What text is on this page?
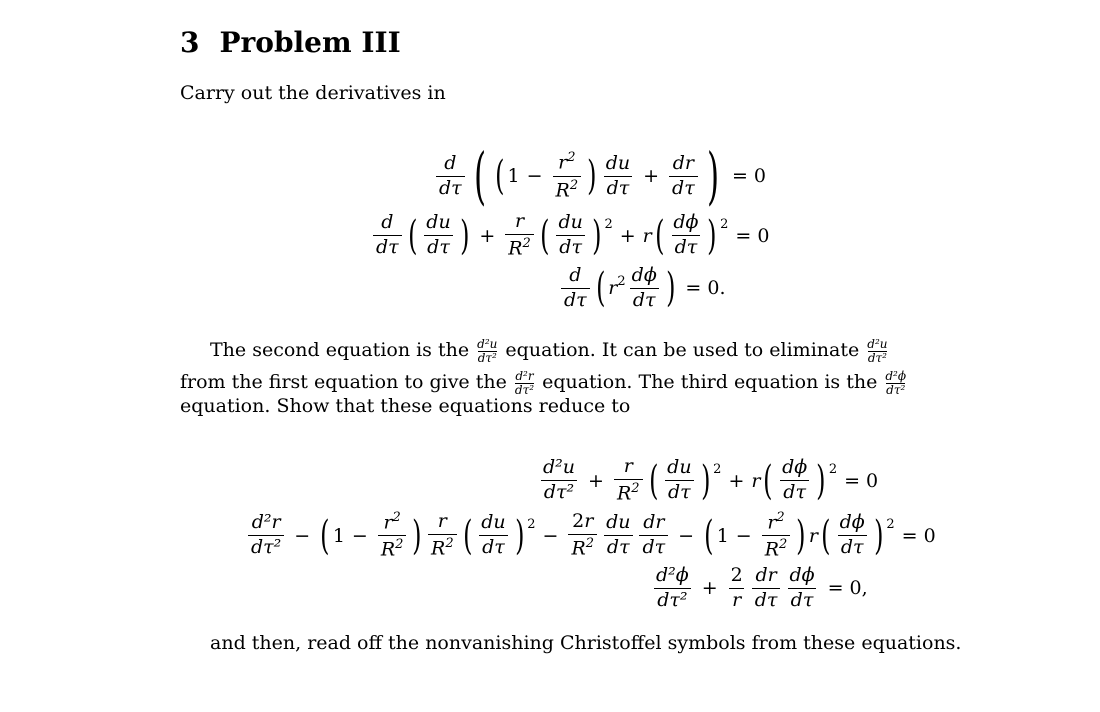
3 Problem III
Carry out the derivatives in
$\frac{d}{d\tau}$ ( ( $1 - \frac{r^2}{R^2}$ ) $\frac{du}{d\tau} + \frac{dr}{d\tau}$ ) = 0
$\frac{d}{d\tau}$ ( $\frac{du}{d\tau}$ ) + $\frac{r}{R^2}$ ( $\frac{du}{d\tau}$ ) 2 + r ( $\frac{d\phi}{d\tau}$ ) 2 = 0
$\frac{d}{d\tau}$ ( r $2 \frac{d\phi}{d\tau}$ ) = 0.
The second equation is the $\frac{\text{d²u}}{\text{dτ²}}$ equation. It can be used to eliminate $\frac{\text{d²u}}{\text{dτ²}}$
from the first equation to give the $\frac{\text{d²r}}{\text{dτ²}}$ equation. The third equation is the $\frac{\text{d²ϕ}}{\text{dτ²}}$
equation. Show that these equations reduce to
$\frac{\text{d²u}}{\text{dτ²}} + \frac{r}{R^2}$ ( $\frac{du}{d\tau}$ ) 2 + r ( $\frac{d\phi}{d\tau}$ ) 2 = 0
$\frac{\text{d²r}}{\text{dτ²}}$ − ( $1 - \frac{r^2}{R^2}$ ) $\frac{r}{R^2}$ ( $\frac{du}{d\tau}$ ) $2 - \frac{2r}{R^2} \frac{du}{d\tau} \frac{dr}{d\tau}$ − ( $1 - \frac{r^2}{R^2}$ ) r ( $\frac{d\phi}{d\tau}$ ) 2 = 0
$\frac{\text{d²ϕ}}{\text{dτ²}} + \frac{2}{r} \frac{dr}{d\tau} \frac{d\phi}{d\tau} = 0$,
and then, read off the nonvanishing Christoffel symbols from these equations.
